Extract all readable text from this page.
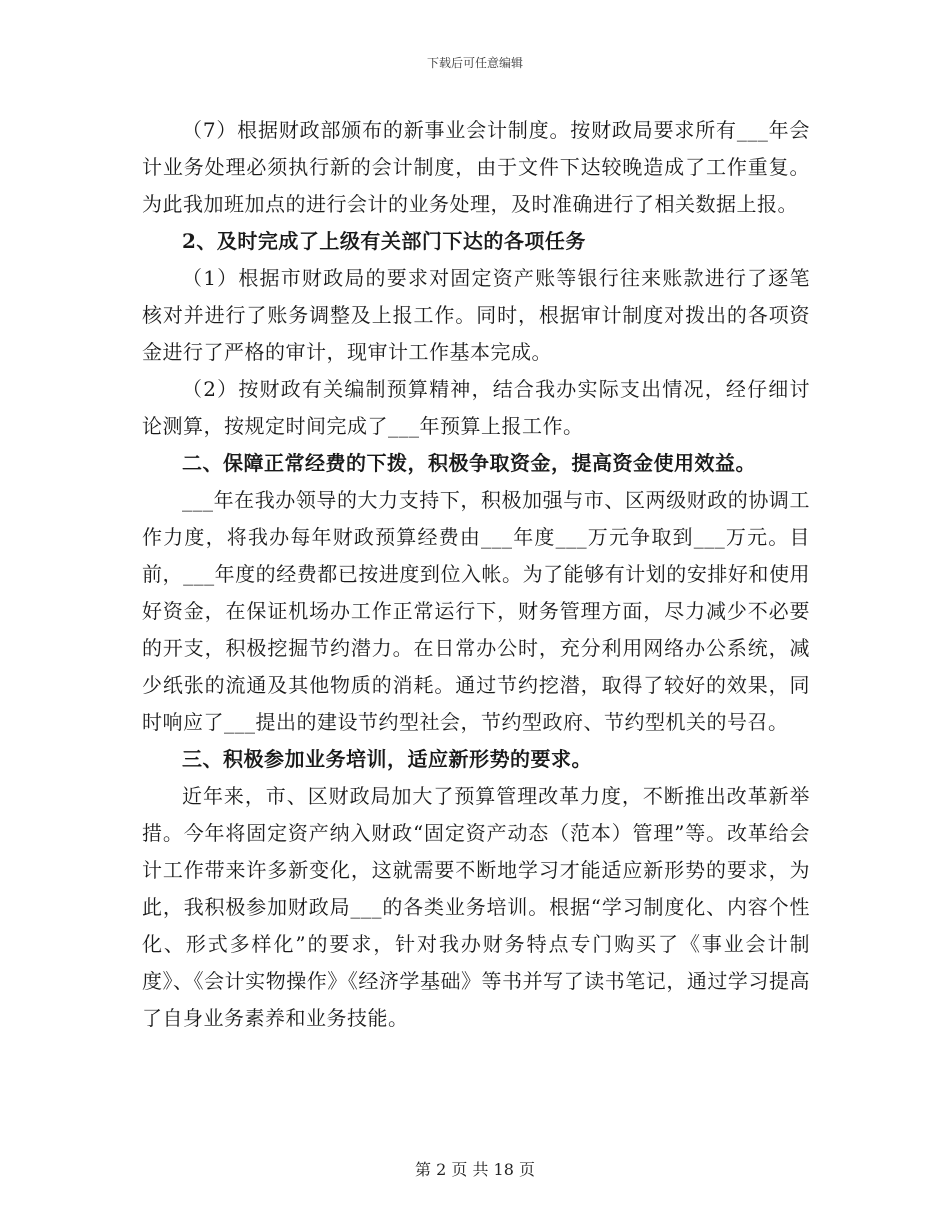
下载后可任意编辑

（7）根据财政部颁布的新事业会计制度。按财政局要求所有___年会计业务处理必须执行新的会计制度，由于文件下达较晚造成了工作重复。为此我加班加点的进行会计的业务处理，及时准确进行了相关数据上报。

2、及时完成了上级有关部门下达的各项任务

（1）根据市财政局的要求对固定资产账等银行往来账款进行了逐笔核对并进行了账务调整及上报工作。同时，根据审计制度对拨出的各项资金进行了严格的审计，现审计工作基本完成。

（2）按财政有关编制预算精神，结合我办实际支出情况，经仔细讨论测算，按规定时间完成了___年预算上报工作。

二、保障正常经费的下拨，积极争取资金，提高资金使用效益。

___年在我办领导的大力支持下，积极加强与市、区两级财政的协调工作力度，将我办每年财政预算经费由___年度___万元争取到___万元。目前，___年度的经费都已按进度到位入帐。为了能够有计划的安排好和使用好资金，在保证机场办工作正常运行下，财务管理方面，尽力减少不必要的开支，积极挖掘节约潜力。在日常办公时，充分利用网络办公系统，减少纸张的流通及其他物质的消耗。通过节约挖潜，取得了较好的效果，同时响应了___提出的建设节约型社会，节约型政府、节约型机关的号召。

三、积极参加业务培训，适应新形势的要求。

近年来，市、区财政局加大了预算管理改革力度，不断推出改革新举措。今年将固定资产纳入财政“固定资产动态（范本）管理”等。改革给会计工作带来许多新变化，这就需要不断地学习才能适应新形势的要求，为此，我积极参加财政局___的各类业务培训。根据“学习制度化、内容个性化、形式多样化”的要求，针对我办财务特点专门购买了《事业会计制度》、《会计实物操作》《经济学基础》等书并写了读书笔记，通过学习提高了自身业务素养和业务技能。

第 2 页 共 18 页
